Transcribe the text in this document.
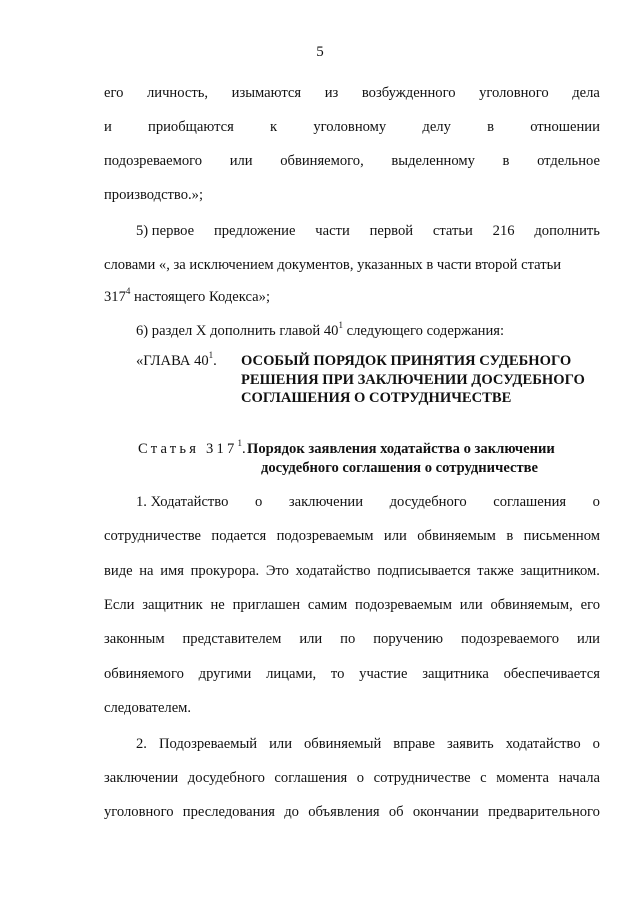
5
его личность, изымаются из возбужденного уголовного дела
и приобщаются к уголовному делу в отношении
подозреваемого или обвиняемого, выделенному в отдельное
производство.»;
5) первое предложение части первой статьи 216 дополнить
словами «, за исключением документов, указанных в части второй статьи
$317^4$ настоящего Кодекса»;
6) раздел X дополнить главой $40^1$ следующего содержания:
«ГЛАВА $40^1$. ОСОБЫЙ ПОРЯДОК ПРИНЯТИЯ СУДЕБНОГО
РЕШЕНИЯ ПРИ ЗАКЛЮЧЕНИИ ДОСУДЕБНОГО
СОГЛАШЕНИЯ О СОТРУДНИЧЕСТВЕ
Статья $317^1$.
Порядок заявления ходатайства о заключении
досудебного соглашения о сотрудничестве
1. Ходатайство о заключении досудебного соглашения о
сотрудничестве подается подозреваемым или обвиняемым в письменном
виде на имя прокурора. Это ходатайство подписывается также защитником.
Если защитник не приглашен самим подозреваемым или обвиняемым, его
законным представителем или по поручению подозреваемого или
обвиняемого другими лицами, то участие защитника обеспечивается
следователем.
2. Подозреваемый или обвиняемый вправе заявить ходатайство о
заключении досудебного соглашения о сотрудничестве с момента начала
уголовного преследования до объявления об окончании предварительного
